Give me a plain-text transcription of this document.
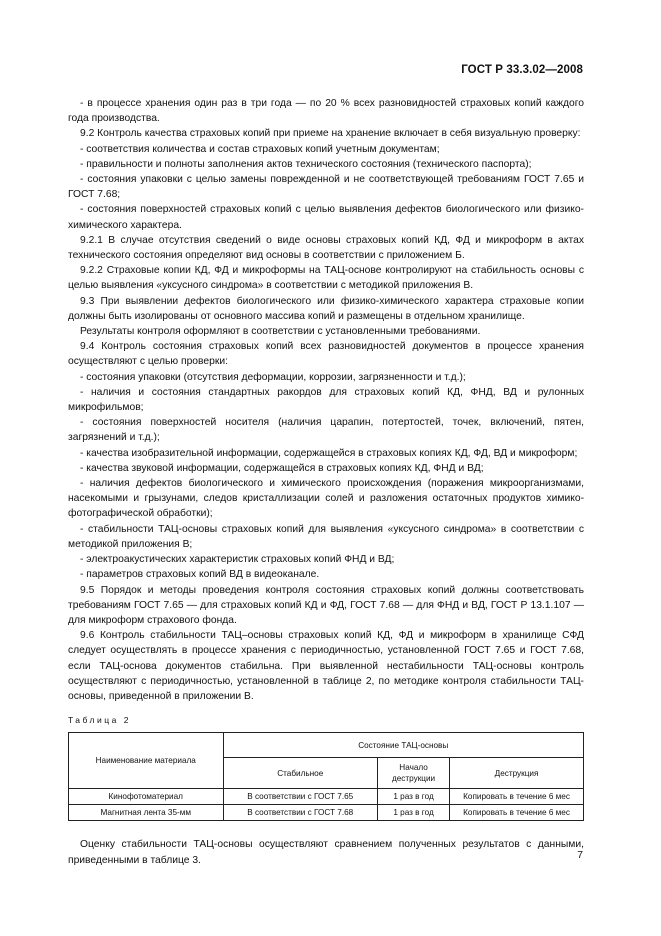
ГОСТ Р 33.3.02—2008

- в процессе хранения один раз в три года — по 20 % всех разновидностей страховых копий каждого года производства.

9.2 Контроль качества страховых копий при приеме на хранение включает в себя визуальную проверку:

- соответствия количества и состав страховых копий учетным документам;

- правильности и полноты заполнения актов технического состояния (технического паспорта);

- состояния упаковки с целью замены поврежденной и не соответствующей требованиям ГОСТ 7.65 и ГОСТ 7.68;

- состояния поверхностей страховых копий с целью выявления дефектов биологического или физико-химического характера.

9.2.1 В случае отсутствия сведений о виде основы страховых копий КД, ФД и микроформ в актах технического состояния определяют вид основы в соответствии с приложением Б.

9.2.2 Страховые копии КД, ФД и микроформы на ТАЦ-основе контролируют на стабильность основы с целью выявления «уксусного синдрома» в соответствии с методикой приложения В.

9.3 При выявлении дефектов биологического или физико-химического характера страховые копии должны быть изолированы от основного массива копий и размещены в отдельном хранилище.

Результаты контроля оформляют в соответствии с установленными требованиями.

9.4 Контроль состояния страховых копий всех разновидностей документов в процессе хранения осуществляют с целью проверки:

- состояния упаковки (отсутствия деформации, коррозии, загрязненности и т.д.);

- наличия и состояния стандартных ракордов для страховых копий КД, ФНД, ВД и рулонных микрофильмов;

- состояния поверхностей носителя (наличия царапин, потертостей, точек, включений, пятен, загрязнений и т.д.);

- качества изобразительной информации, содержащейся в страховых копиях КД, ФД, ВД и микроформ;

- качества звуковой информации, содержащейся в страховых копиях КД, ФНД и ВД;

- наличия дефектов биологического и химического происхождения (поражения микроорганизмами, насекомыми и грызунами, следов кристаллизации солей и разложения остаточных продуктов химико-фотографической обработки);

- стабильности ТАЦ-основы страховых копий для выявления «уксусного синдрома» в соответствии с методикой приложения В;

- электроакустических характеристик страховых копий ФНД и ВД;

- параметров страховых копий ВД в видеоканале.

9.5 Порядок и методы проведения контроля состояния страховых копий должны соответствовать требованиям ГОСТ 7.65 — для страховых копий КД и ФД, ГОСТ 7.68 — для ФНД и ВД, ГОСТ Р 13.1.107 — для микроформ страхового фонда.

9.6 Контроль стабильности ТАЦ–основы страховых копий КД, ФД и микроформ в хранилище СФД следует осуществлять в процессе хранения с периодичностью, установленной ГОСТ 7.65 и ГОСТ 7.68, если ТАЦ-основа документов стабильна. При выявленной нестабильности ТАЦ-основы контроль осуществляют с периодичностью, установленной в таблице 2, по методике контроля стабильности ТАЦ-основы, приведенной в приложении В.

Таблица 2

Наименование материала	Состояние ТАЦ-основы		
	Стабильное	Начало деструкции	Деструкция
Кинофотоматериал	В соответствии с ГОСТ 7.65	1 раз в год	Копировать в течение 6 мес
Магнитная лента 35-мм	В соответствии с ГОСТ 7.68	1 раз в год	Копировать в течение 6 мес

Оценку стабильности ТАЦ-основы осуществляют сравнением полученных результатов с данными, приведенными в таблице 3.	7
